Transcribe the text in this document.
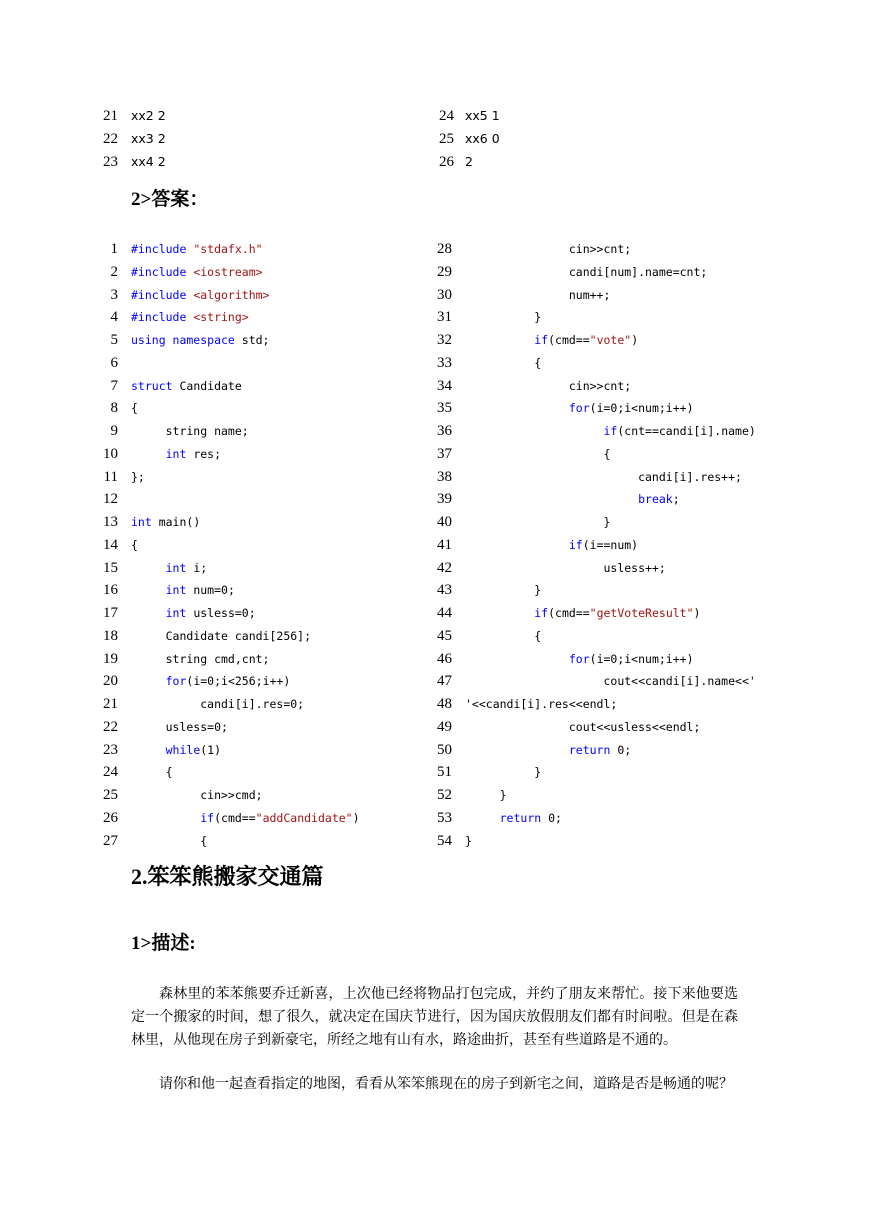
21 xx2 2
22 xx3 2
23 xx4 2
24 xx5 1
25 xx6 0
26 2
2>答案：
1 #include "stdafx.h"
2 #include <iostream>
3 #include <algorithm>
4 #include <string>
5 using namespace std;
6
7 struct Candidate
8 {
9 string name;
10	int res;
11 };
12
13 int main()
14 {
15	int i;
16	int num=0;
17	int usless=0;
18 Candidate candi[256];
19 string cmd,cnt;
20	for(i=0;i<256;i++)
21 candi[i].res=0;
22 usless=0;
23	while(1)
24 {
25 cin>>cmd;
26	if(cmd=="addCandidate")
27 {
28 cin>>cnt;
29 candi[num].name=cnt;
30 num++;
31 }
32	if(cmd=="vote")
33 {
34 cin>>cnt;
35	for(i=0;i<num;i++)
36	if(cnt==candi[i].name)
37 {
38 candi[i].res++;
39	break;
40 }
41	if(i==num)
42 usless++;
43 }
44	if(cmd=="getVoteResult")
45 {
46	for(i=0;i<num;i++)
47 cout<<candi[i].name<<'
48 '<<candi[i].res<<endl;
49 cout<<usless<<endl;
50	return 0;
51 }
52 }
53	return 0;
54 }
2.笨笨熊搬家交通篇
1>描述:
森林里的苯苯熊要乔迁新喜，上次他已经将物品打包完成，并约了朋友来帮忙。接下来他要选定一个搬家的时间，想了很久，就决定在国庆节进行，因为国庆放假朋友们都有时间啦。但是在森林里，从他现在房子到新豪宅，所经之地有山有水，路途曲折，甚至有些道路是不通的。
请你和他一起查看指定的地图，看看从笨笨熊现在的房子到新宅之间，道路是否是畅通的呢？
